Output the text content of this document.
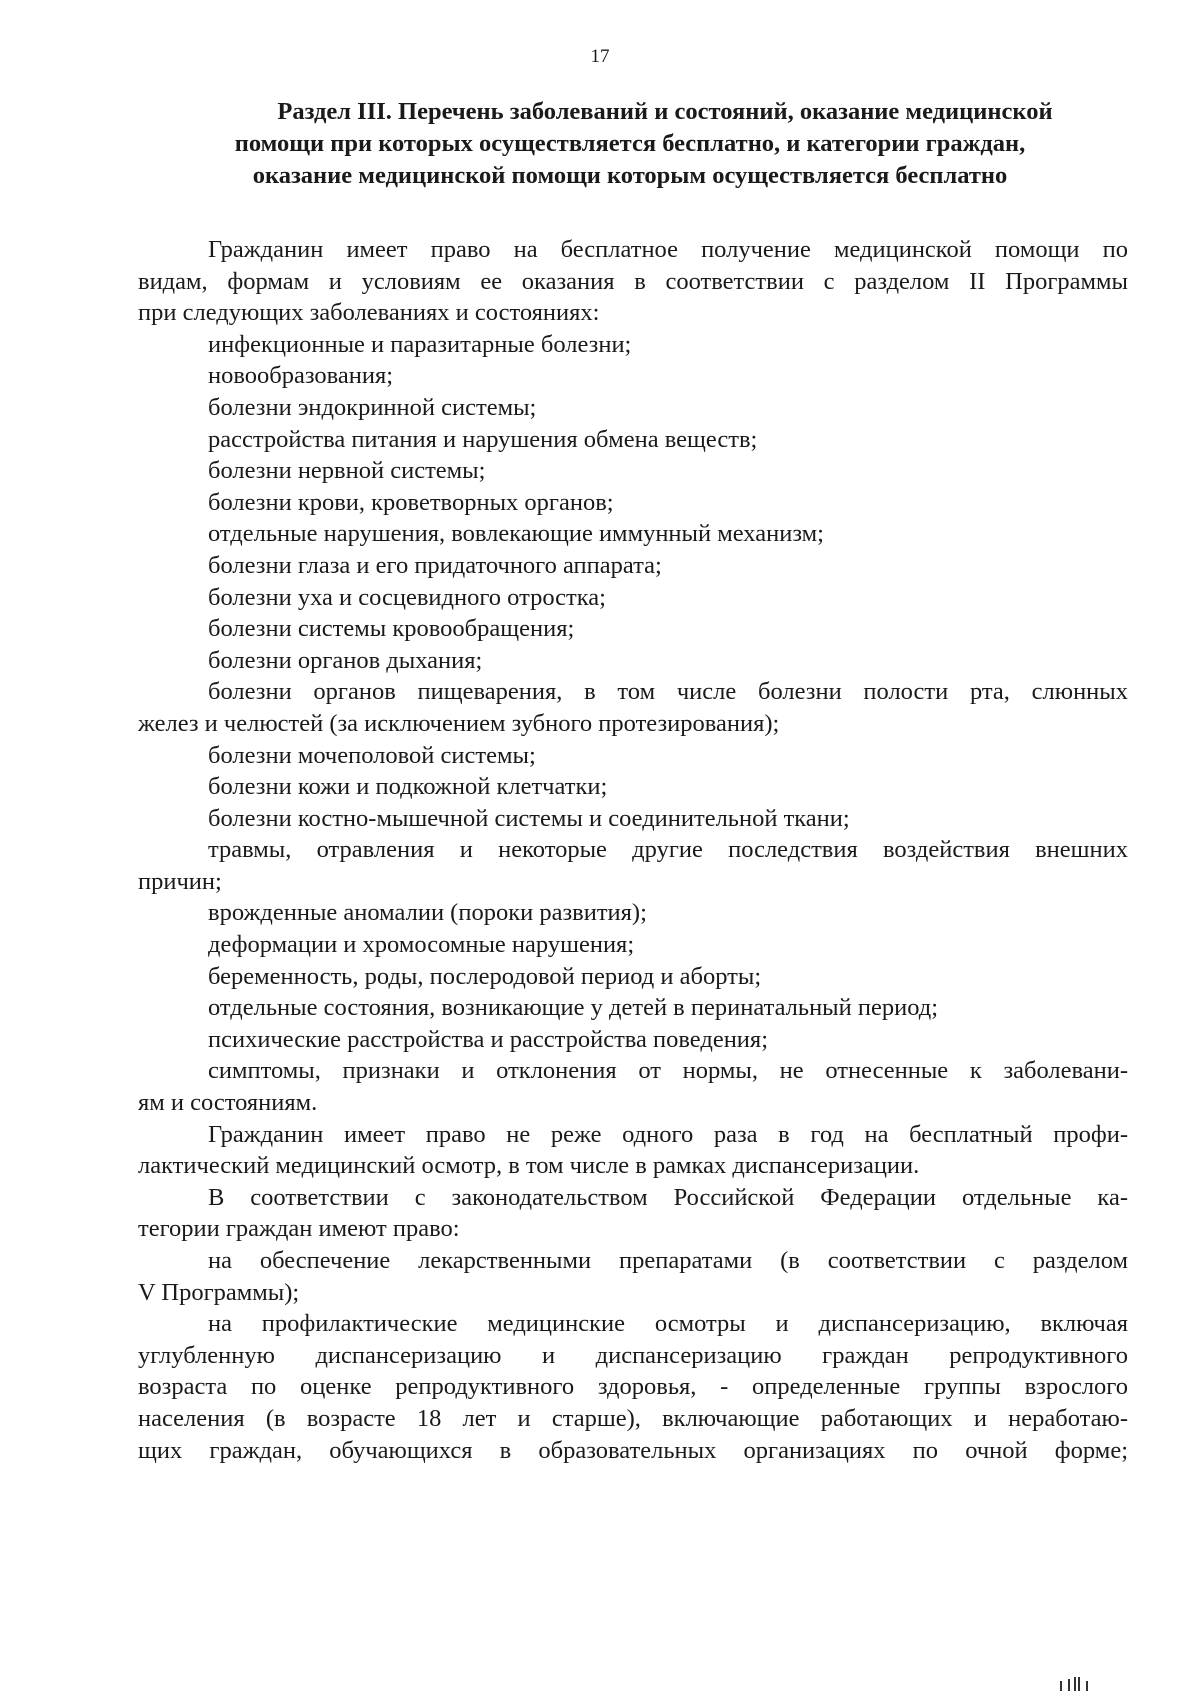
17
Раздел III. Перечень заболеваний и состояний, оказание медицинской
помощи при которых осуществляется бесплатно, и категории граждан,
оказание медицинской помощи которым осуществляется бесплатно
Гражданин имеет право на бесплатное получение медицинской помощи по
видам, формам и условиям ее оказания в соответствии с разделом II Программы
при следующих заболеваниях и состояниях:
инфекционные и паразитарные болезни;
новообразования;
болезни эндокринной системы;
расстройства питания и нарушения обмена веществ;
болезни нервной системы;
болезни крови, кроветворных органов;
отдельные нарушения, вовлекающие иммунный механизм;
болезни глаза и его придаточного аппарата;
болезни уха и сосцевидного отростка;
болезни системы кровообращения;
болезни органов дыхания;
болезни органов пищеварения, в том числе болезни полости рта, слюнных
желез и челюстей (за исключением зубного протезирования);
болезни мочеполовой системы;
болезни кожи и подкожной клетчатки;
болезни костно-мышечной системы и соединительной ткани;
травмы, отравления и некоторые другие последствия воздействия внешних
причин;
врожденные аномалии (пороки развития);
деформации и хромосомные нарушения;
беременность, роды, послеродовой период и аборты;
отдельные состояния, возникающие у детей в перинатальный период;
психические расстройства и расстройства поведения;
симптомы, признаки и отклонения от нормы, не отнесенные к заболевани-
ям и состояниям.
Гражданин имеет право не реже одного раза в год на бесплатный профи-
лактический медицинский осмотр, в том числе в рамках диспансеризации.
В соответствии с законодательством Российской Федерации отдельные ка-
тегории граждан имеют право:
на обеспечение лекарственными препаратами (в соответствии с разделом
V Программы);
на профилактические медицинские осмотры и диспансеризацию, включая
углубленную диспансеризацию и диспансеризацию граждан репродуктивного
возраста по оценке репродуктивного здоровья, - определенные группы взрослого
населения (в возрасте 18 лет и старше), включающие работающих и неработаю-
щих граждан, обучающихся в образовательных организациях по очной форме;
